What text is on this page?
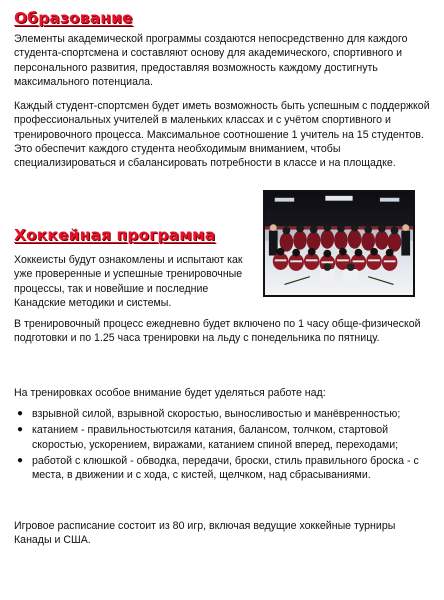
Образование

Элементы академической программы создаются непосредственно для каждого студента-спортсмена и составляют основу для академического, спортивного и персонального развития, предоставляя возможность каждому достигнуть максимального потенциала.

Каждый студент-спортсмен будет иметь возможность быть успешным с поддержкой профессиональных учителей в маленьких классах и с учётом спортивного и тренировочного процесса. Максимальное соотношение 1 учитель на 15 студентов. Это обеспечит каждого студента необходимым вниманием, чтобы специализироваться и сбалансировать потребности в классе и на площадке.

Хоккейная программа

Хоккеисты будут ознакомлены и испытают как уже проверенные и успешные тренировочные процессы, так и новейшие и последние Канадские методики и системы.

В тренировочный процесс ежедневно будет включено по 1 часу обще-физической подготовки и по 1.25 часа тренировки на льду с понедельника по пятницу.

На тренировках особое внимание будет уделяться работе над:

● взрывной силой, взрывной скоростью, выносливостью и манёвренностью;
● катанием - правильностьютсиля катания, балансом, толчком, стартовой скоростью, ускорением, виражами, катанием спиной вперед, переходами;
● работой с клюшкой - обводка, передачи, броски, стиль правильного броска - с места, в движении и с хода, с кистей, щелчком, над сбрасываниями.

Игровое расписание состоит из 80 игр, включая ведущие хоккейные турниры Канады и США.
